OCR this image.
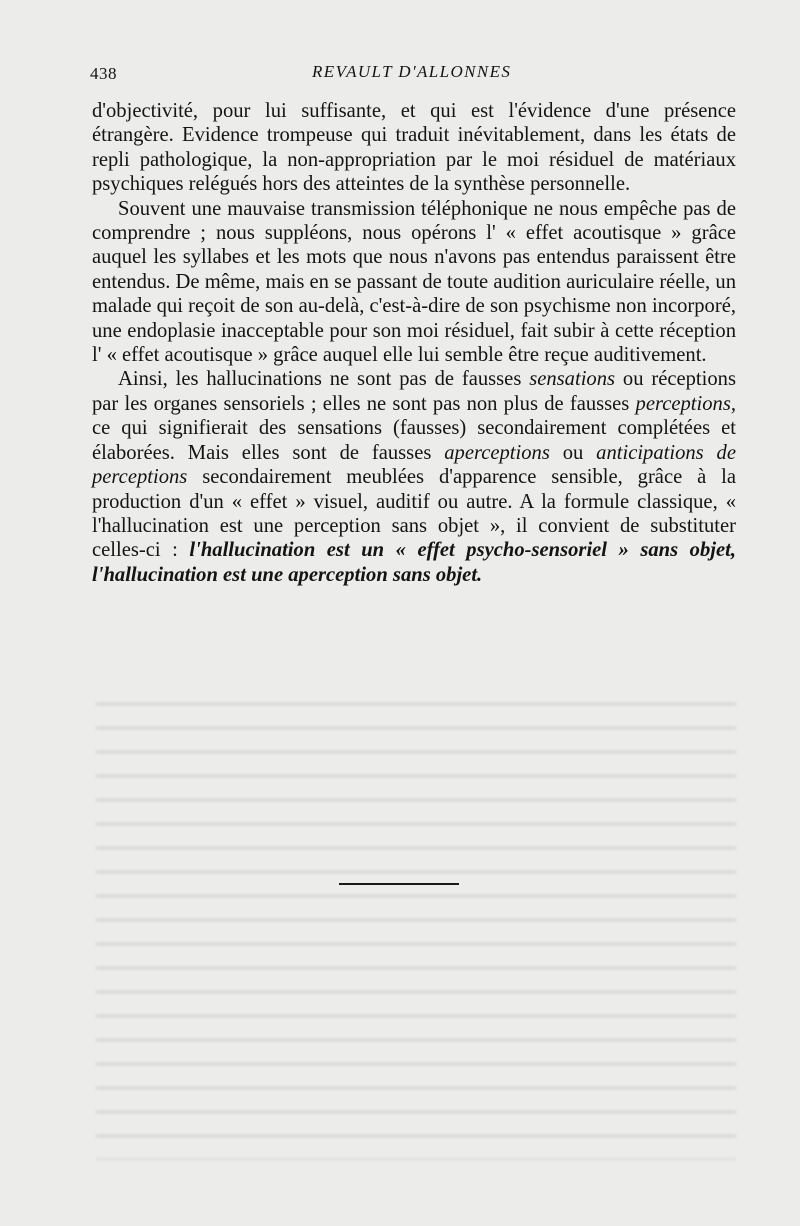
438	REVAULT D'ALLONNES

d'objectivité, pour lui suffisante, et qui est l'évidence d'une présence étrangère. Evidence trompeuse qui traduit inévitablement, dans les états de repli pathologique, la non-appropriation par le moi résiduel de matériaux psychiques relégués hors des atteintes de la synthèse personnelle.

Souvent une mauvaise transmission téléphonique ne nous empêche pas de comprendre ; nous suppléons, nous opérons l' « effet acoutisque » grâce auquel les syllabes et les mots que nous n'avons pas entendus paraissent être entendus. De même, mais en se passant de toute audition auriculaire réelle, un malade qui reçoit de son au-delà, c'est-à-dire de son psychisme non incorporé, une endoplasie inacceptable pour son moi résiduel, fait subir à cette réception l' « effet acoutisque » grâce auquel elle lui semble être reçue auditivement.

Ainsi, les hallucinations ne sont pas de fausses sensations ou réceptions par les organes sensoriels ; elles ne sont pas non plus de fausses perceptions, ce qui signifierait des sensations (fausses) secondairement complétées et élaborées. Mais elles sont de fausses aperceptions ou anticipations de perceptions secondairement meublées d'apparence sensible, grâce à la production d'un « effet » visuel, auditif ou autre. A la formule classique, « l'hallucination est une perception sans objet », il convient de substituter celles-ci : l'hallucination est un « effet psycho-sensoriel » sans objet, l'hallucination est une aperception sans objet.
